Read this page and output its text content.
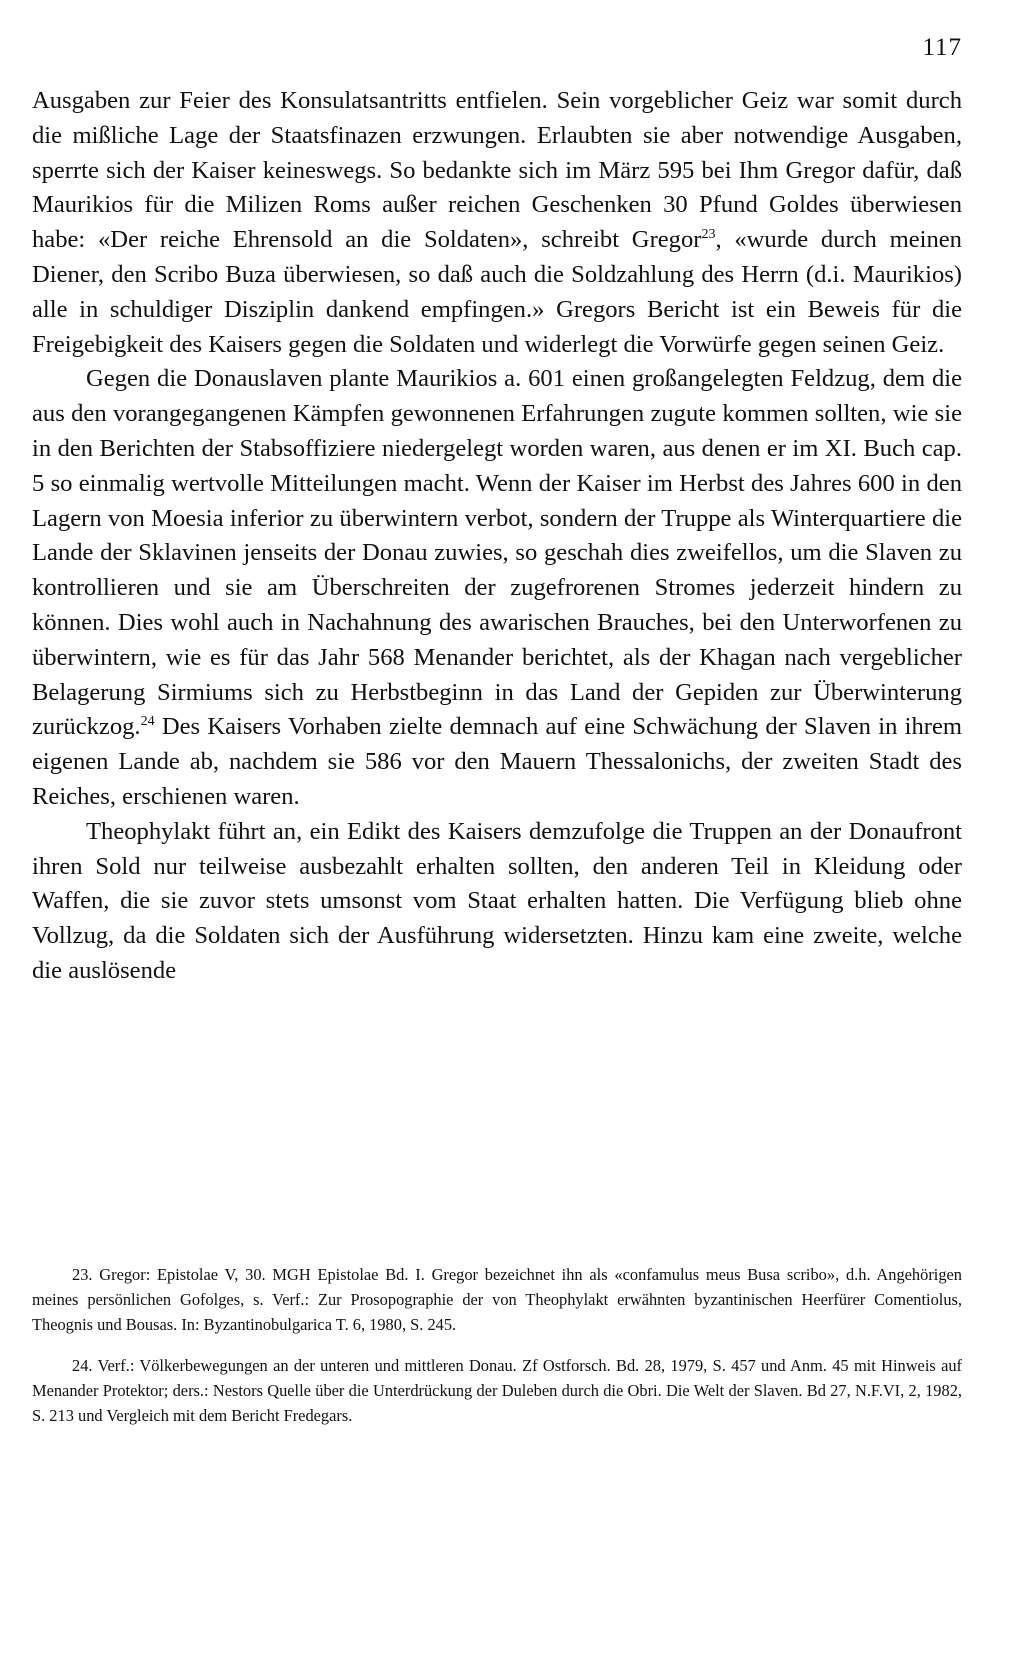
117

Ausgaben zur Feier des Konsulatsantritts entfielen. Sein vorgeblicher Geiz war somit durch die mißliche Lage der Staatsfinazen erzwungen. Erlaubten sie aber notwendige Ausgaben, sperrte sich der Kaiser keineswegs. So bedankte sich im März 595 bei Ihm Gregor dafür, daß Maurikios für die Milizen Roms außer reichen Geschenken 30 Pfund Goldes überwiesen habe: «Der reiche Ehrensold an die Soldaten», schreibt Gregor$^{23}$, «wurde durch meinen Diener, den Scribo Buza überwiesen, so daß auch die Soldzahlung des Herrn (d.i. Maurikios) alle in schuldiger Disziplin dankend empfingen.» Gregors Bericht ist ein Beweis für die Freigebigkeit des Kaisers gegen die Soldaten und widerlegt die Vorwürfe gegen seinen Geiz.

Gegen die Donauslaven plante Maurikios a. 601 einen großangelegten Feldzug, dem die aus den vorangegangenen Kämpfen gewonnenen Erfahrungen zugute kommen sollten, wie sie in den Berichten der Stabsoffiziere niedergelegt worden waren, aus denen er im XI. Buch cap. 5 so einmalig wertvolle Mitteilungen macht. Wenn der Kaiser im Herbst des Jahres 600 in den Lagern von Moesia inferior zu überwintern verbot, sondern der Truppe als Winterquartiere die Lande der Sklavinen jenseits der Donau zuwies, so geschah dies zweifellos, um die Slaven zu kontrollieren und sie am Überschreiten der zugefrorenen Stromes jederzeit hindern zu können. Dies wohl auch in Nachahnung des awarischen Brauches, bei den Unterworfenen zu überwintern, wie es für das Jahr 568 Menander berichtet, als der Khagan nach vergeblicher Belagerung Sirmiums sich zu Herbstbeginn in das Land der Gepiden zur Überwinterung zurückzog.$^{24}$ Des Kaisers Vorhaben zielte demnach auf eine Schwächung der Slaven in ihrem eigenen Lande ab, nachdem sie 586 vor den Mauern Thessalonichs, der zweiten Stadt des Reiches, erschienen waren.

Theophylakt führt an, ein Edikt des Kaisers demzufolge die Truppen an der Donaufront ihren Sold nur teilweise ausbezahlt erhalten sollten, den anderen Teil in Kleidung oder Waffen, die sie zuvor stets umsonst vom Staat erhalten hatten. Die Verfügung blieb ohne Vollzug, da die Soldaten sich der Ausführung widersetzten. Hinzu kam eine zweite, welche die auslösende

23. Gregor: Epistolae V, 30. MGH Epistolae Bd. I. Gregor bezeichnet ihn als «confamulus meus Busa scribo», d.h. Angehörigen meines persönlichen Gofolges, s. Verf.: Zur Prosopographie der von Theophylakt erwähnten byzantinischen Heerfürer Comentiolus, Theognis und Bousas. In: Byzantinobulgarica T. 6, 1980, S. 245.

24. Verf.: Völkerbewegungen an der unteren und mittleren Donau. Zf Ostforsch. Bd. 28, 1979, S. 457 und Anm. 45 mit Hinweis auf Menander Protektor; ders.: Nestors Quelle über die Unterdrückung der Duleben durch die Obri. Die Welt der Slaven. Bd 27, N.F.VI, 2, 1982, S. 213 und Vergleich mit dem Bericht Fredegars.
